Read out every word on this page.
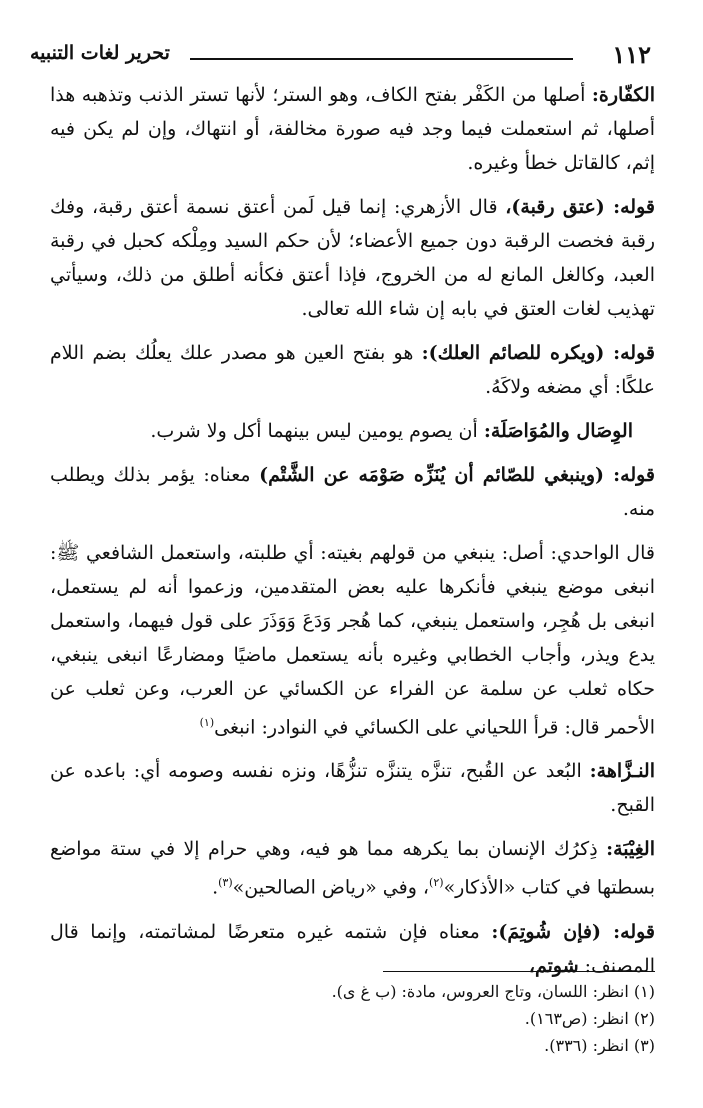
١١٢
تحرير لغات التنبيه

الكفّارة: أصلها من الكَفْر بفتح الكاف، وهو الستر؛ لأنها تستر الذنب وتذهبه هذا أصلها، ثم استعملت فيما وجد فيه صورة مخالفة، أو انتهاك، وإن لم يكن فيه إثم، كالقاتل خطأ وغيره.

قوله: (عتق رقبة)، قال الأزهري: إنما قيل لَمن أعتق نسمة أعتق رقبة، وفك رقبة فخصت الرقبة دون جميع الأعضاء؛ لأن حكم السيد ومِلْكه كحبل في رقبة العبد، وكالغل المانع له من الخروج، فإذا أعتق فكأنه أطلق من ذلك، وسيأتي تهذيب لغات العتق في بابه إن شاء الله تعالى.

قوله: (ويكره للصائم العلك): هو بفتح العين هو مصدر علك يعلُك بضم اللام علكًا: أي مضغه ولاكَهُ.

الوِصَال والمُوَاصَلَة: أن يصوم يومين ليس بينهما أكل ولا شرب.

قوله: (وينبغي للصّائم أن يُنَزِّه صَوْمَه عن الشَّتْم) معناه: يؤمر بذلك ويطلب منه.

قال الواحدي: أصل: ينبغي من قولهم بغيته: أي طلبته، واستعمل الشافعي ﷺ: انبغى موضع ينبغي فأنكرها عليه بعض المتقدمين، وزعموا أنه لم يستعمل، انبغى بل هُجِر، واستعمل ينبغي، كما هُجر وَدَعَ وَوَذَرَ على قول فيهما، واستعمل يدع ويذر، وأجاب الخطابي وغيره بأنه يستعمل ماضيًا ومضارعًا انبغى ينبغي، حكاه ثعلب عن سلمة عن الفراء عن الكسائي عن العرب، وعن ثعلب عن الأحمر قال: قرأ اللحياني على الكسائي في النوادر: انبغى$^{(١)}$

النـزَّاهة: البُعد عن القُبح، تنزَّه يتنزَّه تنزُّهًا، ونزه نفسه وصومه أي: باعده عن القبح.

الغِيْبَة: ذِكرُك الإنسان بما يكرهه مما هو فيه، وهي حرام إلا في ستة مواضع بسطتها في كتاب «الأذكار»$^{(٢)}$، وفي «رياض الصالحين»$^{(٣)}$.

قوله: (فإن شُوتِمَ): معناه فإن شتمه غيره متعرضًا لمشاتمته، وإنما قال المصنف: شوتم،

(١) انظر: اللسان، وتاج العروس، مادة: (ب غ ى).
(٢) انظر: (ص١٦٣).
(٣) انظر: (٣٣٦).
